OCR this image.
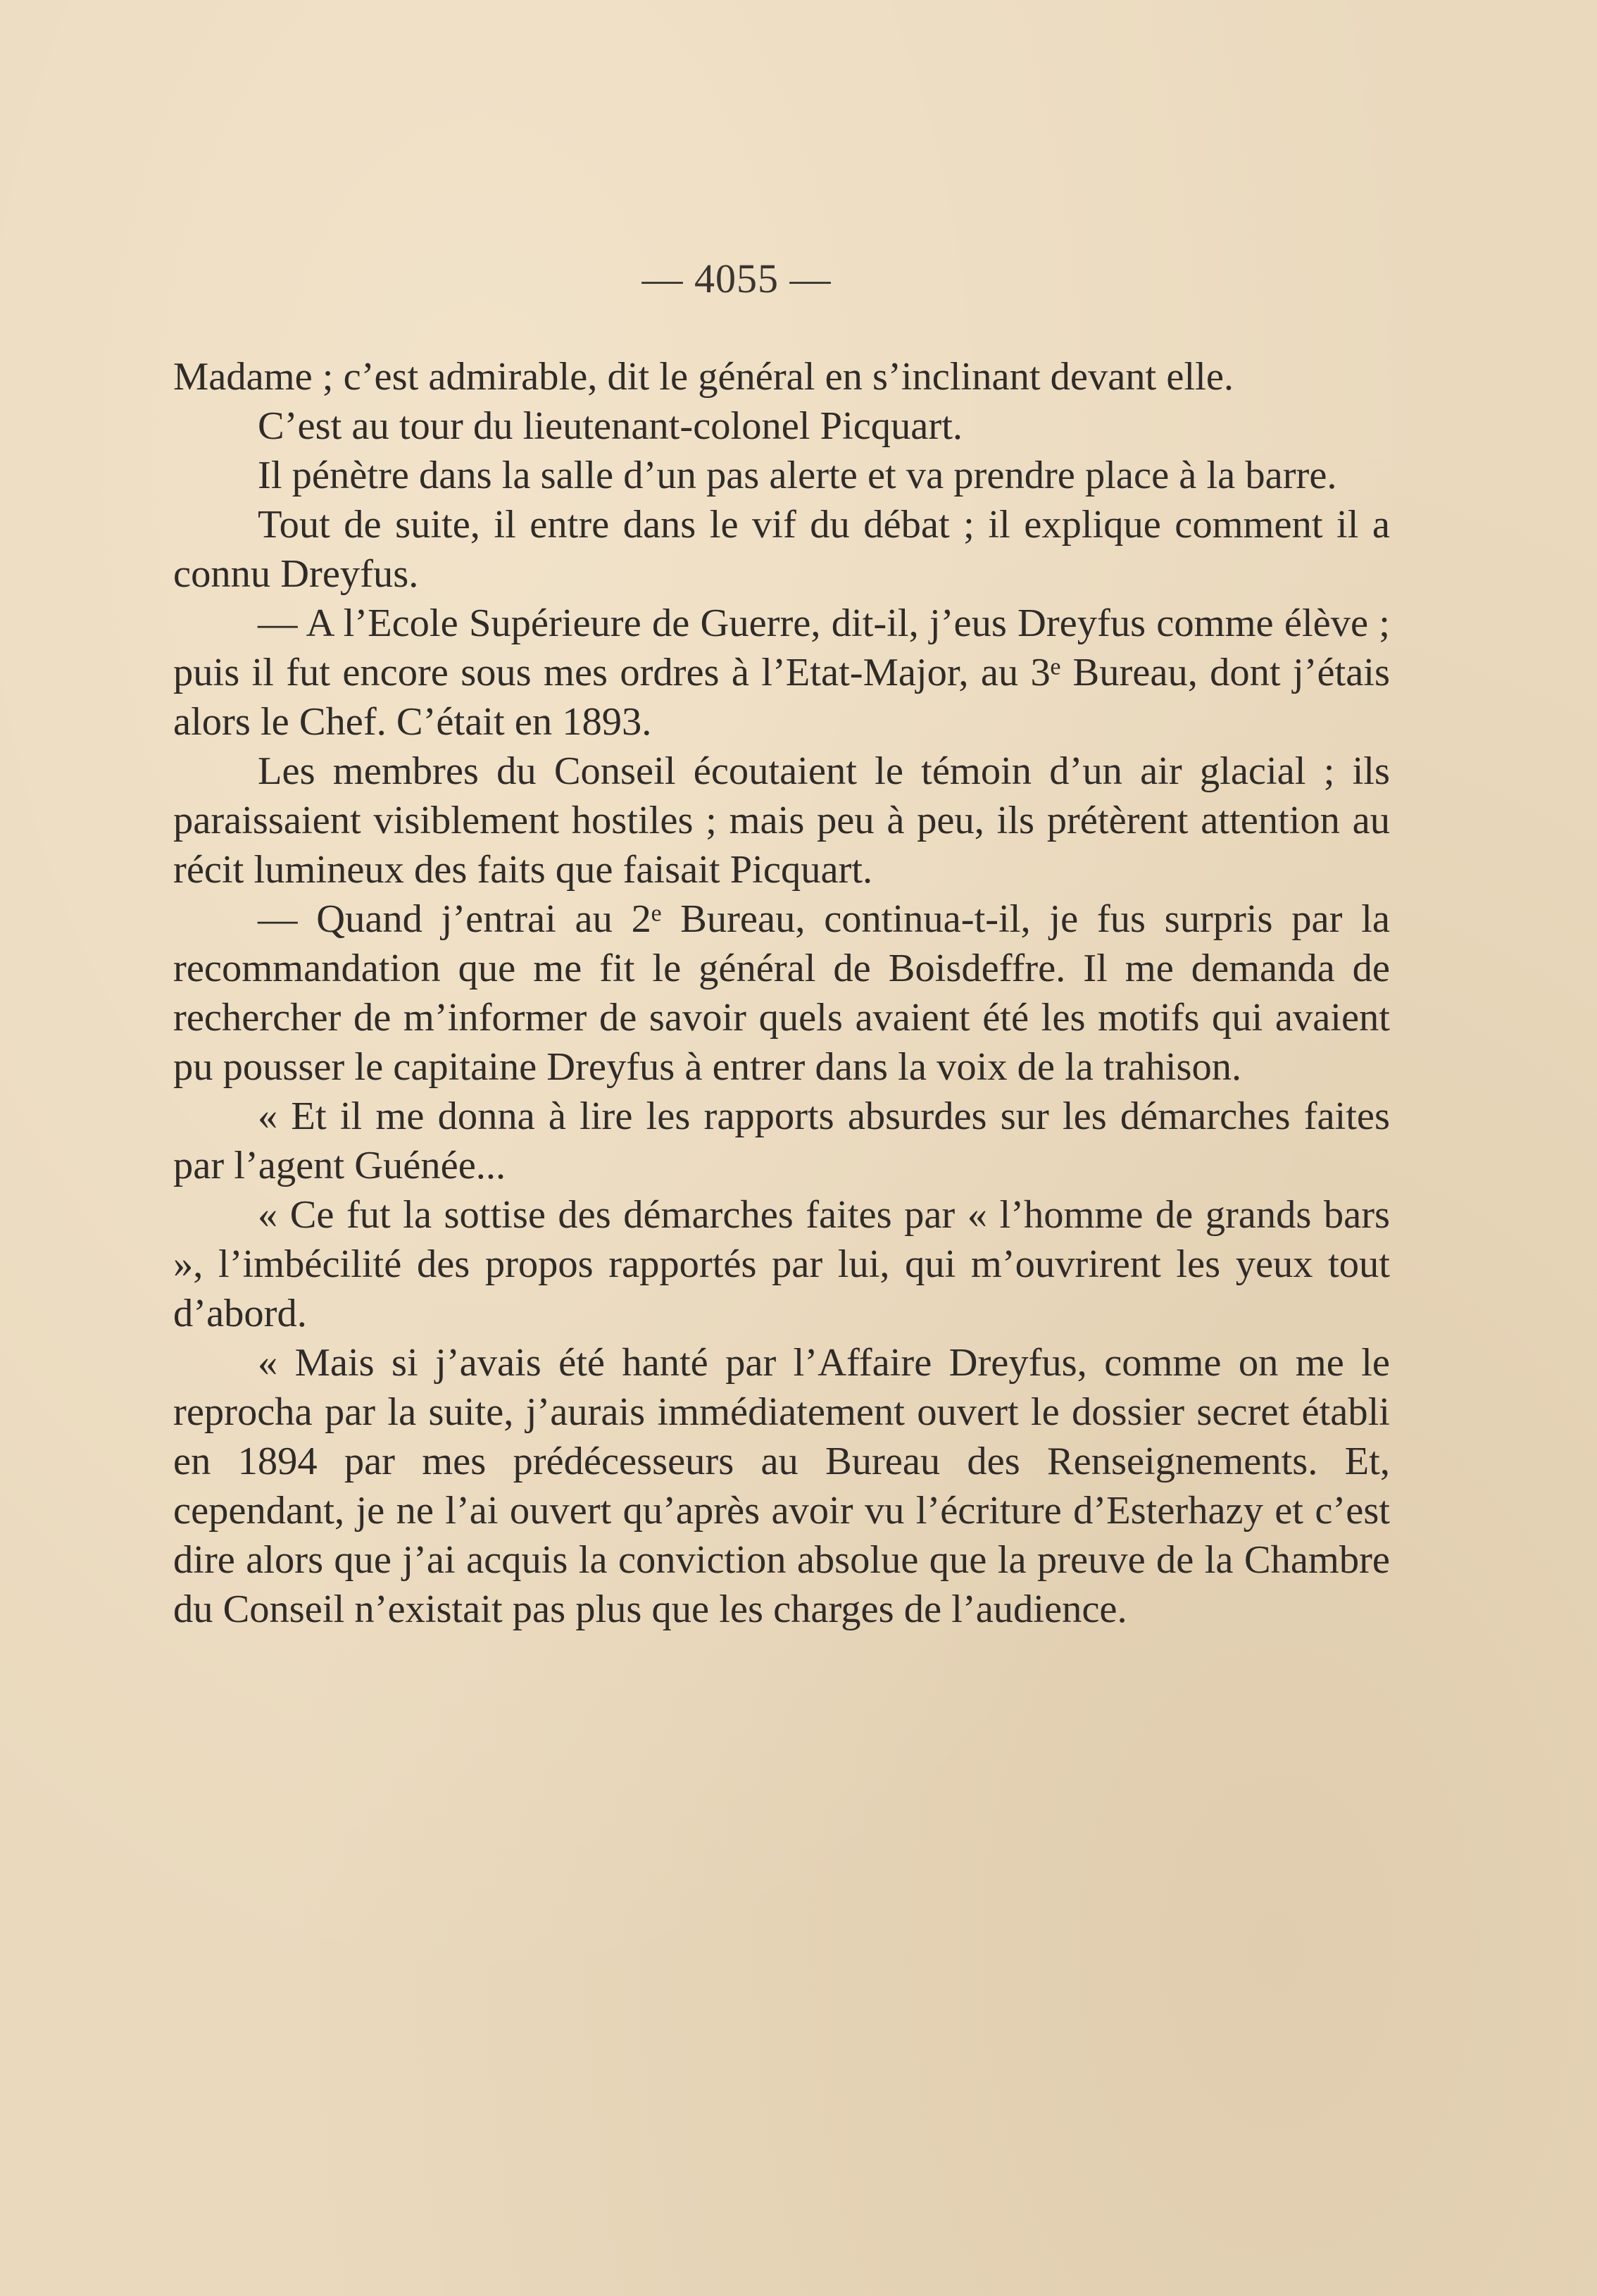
— 4055 —

Madame ; c’est admirable, dit le général en s’inclinant devant elle.

C’est au tour du lieutenant-colonel Picquart.

Il pénètre dans la salle d’un pas alerte et va prendre place à la barre.

Tout de suite, il entre dans le vif du débat ; il explique comment il a connu Dreyfus.

— A l’Ecole Supérieure de Guerre, dit-il, j’eus Dreyfus comme élève ; puis il fut encore sous mes ordres à l’Etat-Major, au 3ᵉ Bureau, dont j’étais alors le Chef. C’était en 1893.

Les membres du Conseil écoutaient le témoin d’un air glacial ; ils paraissaient visiblement hostiles ; mais peu à peu, ils prétèrent attention au récit lumineux des faits que faisait Picquart.

— Quand j’entrai au 2ᵉ Bureau, continua-t-il, je fus surpris par la recommandation que me fit le général de Boisdeffre. Il me demanda de rechercher de m’informer de savoir quels avaient été les motifs qui avaient pu pousser le capitaine Dreyfus à entrer dans la voix de la trahison.

« Et il me donna à lire les rapports absurdes sur les démarches faites par l’agent Guénée...

« Ce fut la sottise des démarches faites par « l’homme de grands bars », l’imbécilité des propos rapportés par lui, qui m’ouvrirent les yeux tout d’abord.

« Mais si j’avais été hanté par l’Affaire Dreyfus, comme on me le reprocha par la suite, j’aurais immédiatement ouvert le dossier secret établi en 1894 par mes prédécesseurs au Bureau des Renseignements. Et, cependant, je ne l’ai ouvert qu’après avoir vu l’écriture d’Esterhazy et c’est dire alors que j’ai acquis la conviction absolue que la preuve de la Chambre du Conseil n’existait pas plus que les charges de l’audience.
